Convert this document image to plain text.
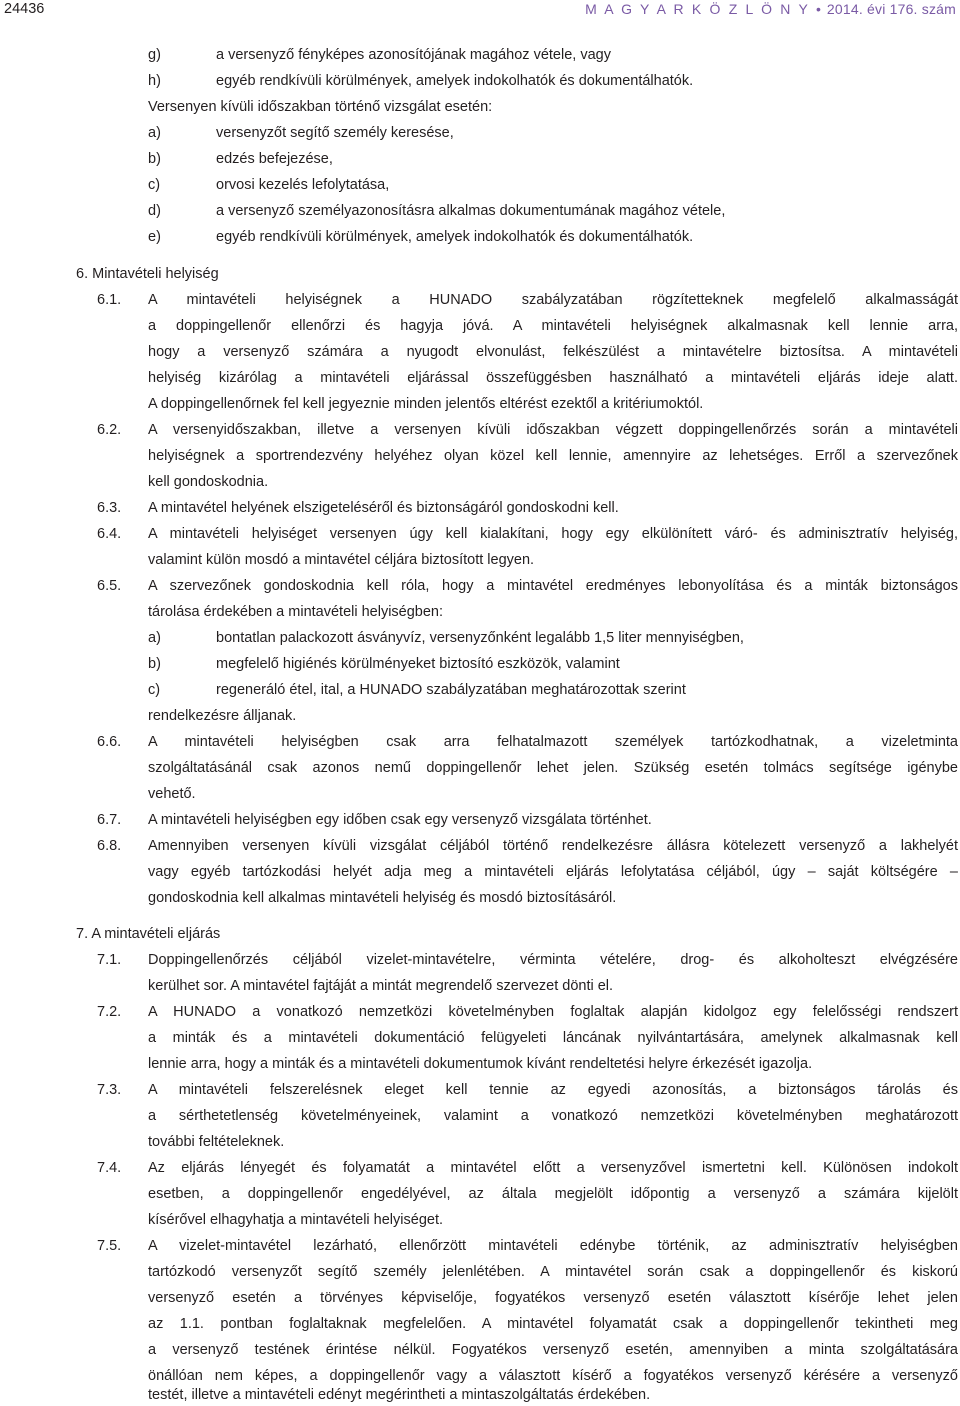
24436	M A G Y A R K Ö Z L Ö N Y • 2014. évi 176. szám
g)	a versenyző fényképes azonosítójának magához vétele, vagy
h)	egyéb rendkívüli körülmények, amelyek indokolhatók és dokumentálhatók.
Versenyen kívüli időszakban történő vizsgálat esetén:
a)	versenyzőt segítő személy keresése,
b)	edzés befejezése,
c)	orvosi kezelés lefolytatása,
d)	a versenyző személyazonosításra alkalmas dokumentumának magához vétele,
e)	egyéb rendkívüli körülmények, amelyek indokolhatók és dokumentálhatók.
6. Mintavételi helyiség
6.1. A mintavételi helyiségnek a HUNADO szabályzatában rögzítetteknek megfelelő alkalmasságát
a doppingellenőr ellenőrzi és hagyja jóvá. A mintavételi helyiségnek alkalmasnak kell lennie arra,
hogy a versenyző számára a nyugodt elvonulást, felkészülést a mintavételre biztosítsa. A mintavételi
helyiség kizárólag a mintavételi eljárással összefüggésben használható a mintavételi eljárás ideje alatt.
A doppingellenőrnek fel kell jegyeznie minden jelentős eltérést ezektől a kritériumoktól.
6.2. A versenyidőszakban, illetve a versenyen kívüli időszakban végzett doppingellenőrzés során a mintavételi
helyiségnek a sportrendezvény helyéhez olyan közel kell lennie, amennyire az lehetséges. Erről a szervezőnek
kell gondoskodnia.
6.3. A mintavétel helyének elszigeteléséről és biztonságáról gondoskodni kell.
6.4. A mintavételi helyiséget versenyen úgy kell kialakítani, hogy egy elkülönített váró- és adminisztratív helyiség,
valamint külön mosdó a mintavétel céljára biztosított legyen.
6.5. A szervezőnek gondoskodnia kell róla, hogy a mintavétel eredményes lebonyolítása és a minták biztonságos
tárolása érdekében a mintavételi helyiségben:
a)	bontatlan palackozott ásványvíz, versenyzőnként legalább 1,5 liter mennyiségben,
b)	megfelelő higiénés körülményeket biztosító eszközök, valamint
c)	regeneráló étel, ital, a HUNADO szabályzatában meghatározottak szerint
rendelkezésre álljanak.
6.6. A mintavételi helyiségben csak arra felhatalmazott személyek tartózkodhatnak, a vizeletminta
szolgáltatásánál csak azonos nemű doppingellenőr lehet jelen. Szükség esetén tolmács segítsége igénybe
vehető.
6.7. A mintavételi helyiségben egy időben csak egy versenyző vizsgálata történhet.
6.8. Amennyiben versenyen kívüli vizsgálat céljából történő rendelkezésre állásra kötelezett versenyző a lakhelyét
vagy egyéb tartózkodási helyét adja meg a mintavételi eljárás lefolytatása céljából, úgy – saját költségére –
gondoskodnia kell alkalmas mintavételi helyiség és mosdó biztosításáról.
7. A mintavételi eljárás
7.1. Doppingellenőrzés céljából vizelet-mintavételre, vérminta vételére, drog- és alkoholteszt elvégzésére
kerülhet sor. A mintavétel fajtáját a mintát megrendelő szervezet dönti el.
7.2. A HUNADO a vonatkozó nemzetközi követelményben foglaltak alapján kidolgoz egy felelősségi rendszert
a minták és a mintavételi dokumentáció felügyeleti láncának nyilvántartására, amelynek alkalmasnak kell
lennie arra, hogy a minták és a mintavételi dokumentumok kívánt rendeltetési helyre érkezését igazolja.
7.3. A mintavételi felszerelésnek eleget kell tennie az egyedi azonosítás, a biztonságos tárolás és
a sérthetetlenség követelményeinek, valamint a vonatkozó nemzetközi követelményben meghatározott
további feltételeknek.
7.4. Az eljárás lényegét és folyamatát a mintavétel előtt a versenyzővel ismertetni kell. Különösen indokolt
esetben, a doppingellenőr engedélyével, az általa megjelölt időpontig a versenyző a számára kijelölt
kísérővel elhagyhatja a mintavételi helyiséget.
7.5. A vizelet-mintavétel lezárható, ellenőrzött mintavételi edénybe történik, az adminisztratív helyiségben
tartózkodó versenyzőt segítő személy jelenlétében. A mintavétel során csak a doppingellenőr és kiskorú
versenyző esetén a törvényes képviselője, fogyatékos versenyző esetén választott kísérője lehet jelen
az 1.1. pontban foglaltaknak megfelelően. A mintavétel folyamatát csak a doppingellenőr tekintheti meg
a versenyző testének érintése nélkül. Fogyatékos versenyző esetén, amennyiben a minta szolgáltatására
önállóan nem képes, a doppingellenőr vagy a választott kísérő a fogyatékos versenyző kérésére a versenyző
testét, illetve a mintavételi edényt megérintheti a mintaszolgáltatás érdekében.
